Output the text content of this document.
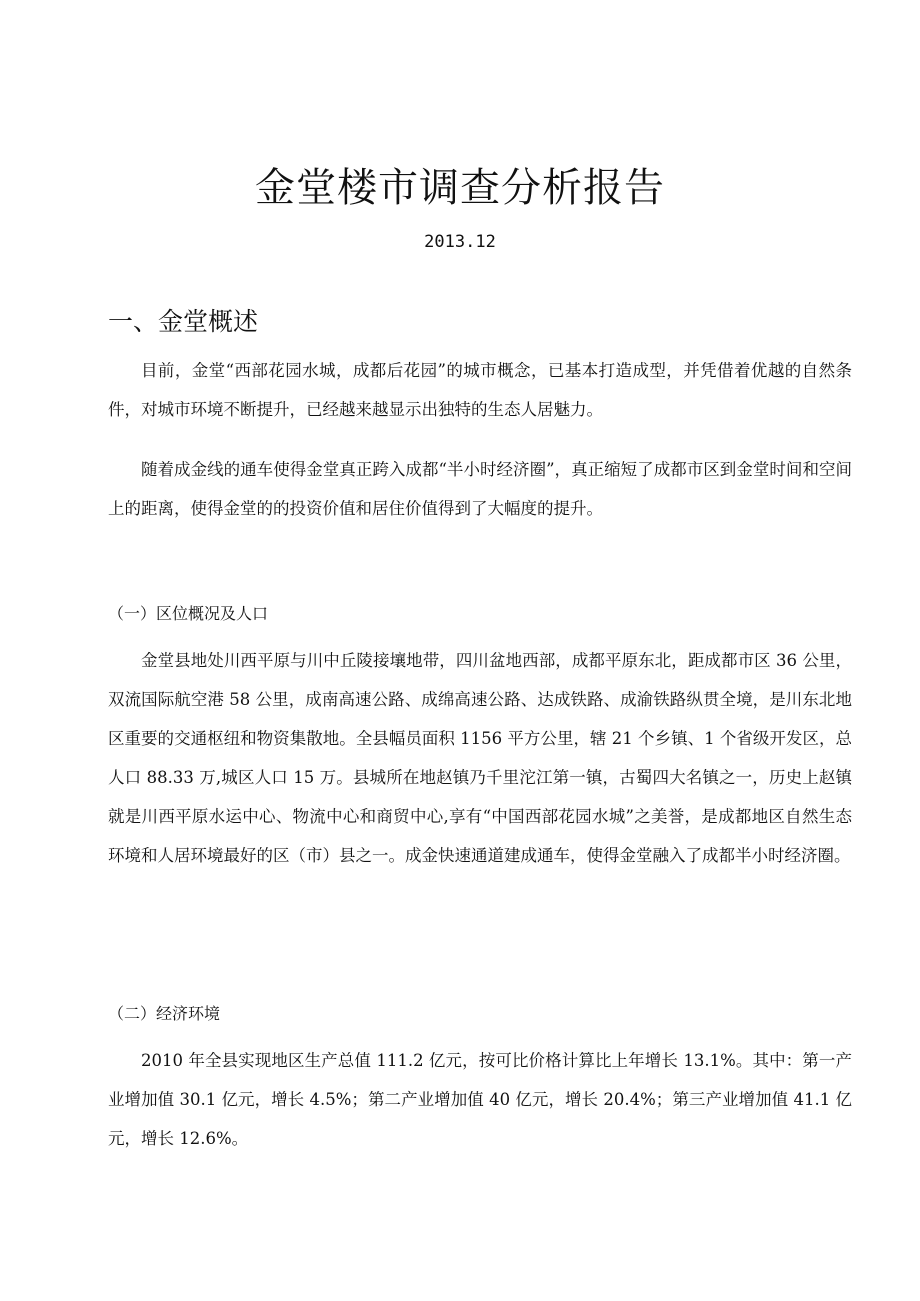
金堂楼市调查分析报告
2013.12
一、金堂概述

目前，金堂“西部花园水城，成都后花园”的城市概念，已基本打造成型，并凭借着优越的自然条件，对城市环境不断提升，已经越来越显示出独特的生态人居魅力。

随着成金线的通车使得金堂真正跨入成都“半小时经济圈”，真正缩短了成都市区到金堂时间和空间上的距离，使得金堂的的投资价值和居住价值得到了大幅度的提升。

（一）区位概况及人口

金堂县地处川西平原与川中丘陵接壤地带，四川盆地西部，成都平原东北，距成都市区 36 公里，双流国际航空港 58 公里，成南高速公路、成绵高速公路、达成铁路、成渝铁路纵贯全境，是川东北地区重要的交通枢纽和物资集散地。全县幅员面积 1156 平方公里，辖 21 个乡镇、1 个省级开发区，总人口 88.33 万,城区人口 15 万。县城所在地赵镇乃千里沱江第一镇，古蜀四大名镇之一，历史上赵镇就是川西平原水运中心、物流中心和商贸中心,享有“中国西部花园水城”之美誉，是成都地区自然生态环境和人居环境最好的区（市）县之一。成金快速通道建成通车，使得金堂融入了成都半小时经济圈。

（二）经济环境

2010 年全县实现地区生产总值 111.2 亿元，按可比价格计算比上年增长 13.1%。其中：第一产业增加值 30.1 亿元，增长 4.5%；第二产业增加值 40 亿元，增长 20.4%；第三产业增加值 41.1 亿元，增长 12.6%。
